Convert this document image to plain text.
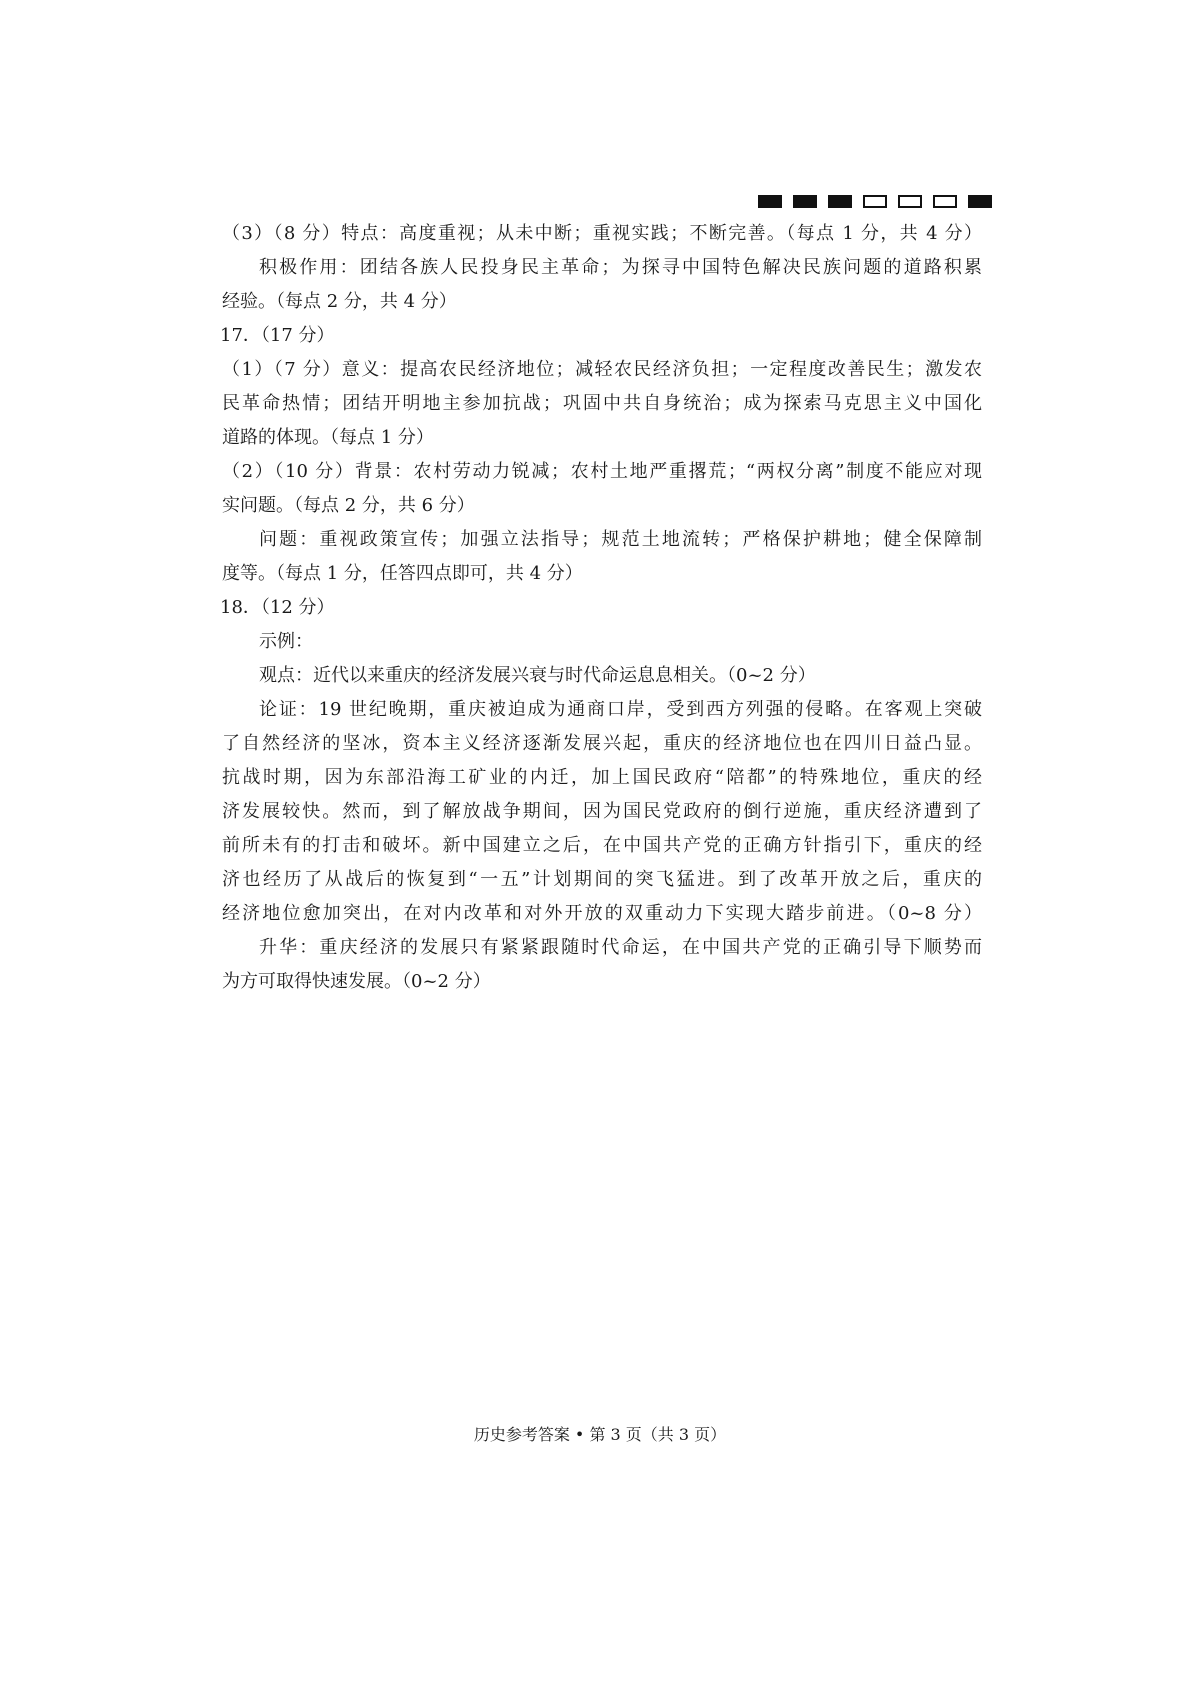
（3）（8 分）特点：高度重视；从未中断；重视实践；不断完善。（每点 1 分，共 4 分）
积极作用：团结各族人民投身民主革命；为探寻中国特色解决民族问题的道路积累
经验。（每点 2 分，共 4 分）
17．（17 分）
（1）（7 分）意义：提高农民经济地位；减轻农民经济负担；一定程度改善民生；激发农
民革命热情；团结开明地主参加抗战；巩固中共自身统治；成为探索马克思主义中国化
道路的体现。（每点 1 分）
（2）（10 分）背景：农村劳动力锐减；农村土地严重撂荒；“两权分离”制度不能应对现
实问题。（每点 2 分，共 6 分）
问题：重视政策宣传；加强立法指导；规范土地流转；严格保护耕地；健全保障制
度等。（每点 1 分，任答四点即可，共 4 分）
18．（12 分）
示例：
观点：近代以来重庆的经济发展兴衰与时代命运息息相关。（0~2 分）
论证：19 世纪晚期，重庆被迫成为通商口岸，受到西方列强的侵略。在客观上突破
了自然经济的坚冰，资本主义经济逐渐发展兴起，重庆的经济地位也在四川日益凸显。
抗战时期，因为东部沿海工矿业的内迁，加上国民政府“陪都”的特殊地位，重庆的经
济发展较快。然而，到了解放战争期间，因为国民党政府的倒行逆施，重庆经济遭到了
前所未有的打击和破坏。新中国建立之后，在中国共产党的正确方针指引下，重庆的经
济也经历了从战后的恢复到“一五”计划期间的突飞猛进。到了改革开放之后，重庆的
经济地位愈加突出，在对内改革和对外开放的双重动力下实现大踏步前进。（0~8 分）
升华：重庆经济的发展只有紧紧跟随时代命运，在中国共产党的正确引导下顺势而
为方可取得快速发展。（0~2 分）
历史参考答案 • 第 3 页（共 3 页）
